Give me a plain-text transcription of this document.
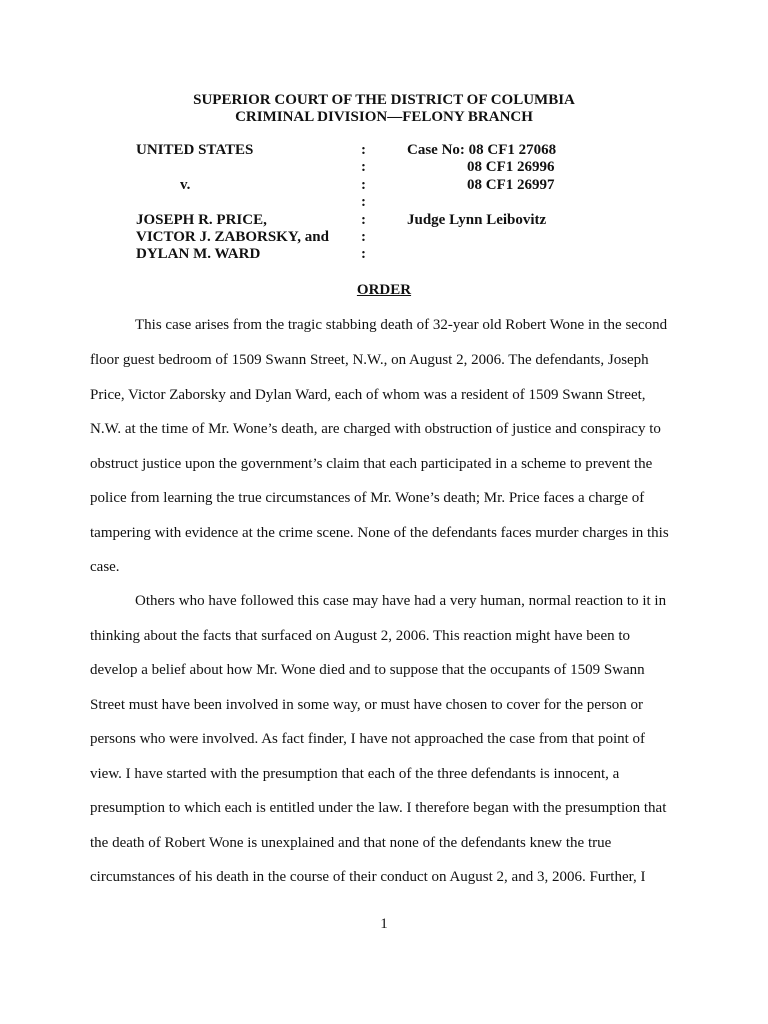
SUPERIOR COURT OF THE DISTRICT OF COLUMBIA
CRIMINAL DIVISION—FELONY BRANCH
UNITED STATES
v.
JOSEPH R. PRICE,
VICTOR J. ZABORSKY, and
DYLAN M. WARD
:
:
:
:
:
:
:
Case No: 08 CF1 27068
08 CF1 26996
08 CF1 26997
Judge Lynn Leibovitz
ORDER
This case arises from the tragic stabbing death of 32-year old Robert Wone in the second
floor guest bedroom of 1509 Swann Street, N.W., on August 2, 2006. The defendants, Joseph
Price, Victor Zaborsky and Dylan Ward, each of whom was a resident of 1509 Swann Street,
N.W. at the time of Mr. Wone’s death, are charged with obstruction of justice and conspiracy to
obstruct justice upon the government’s claim that each participated in a scheme to prevent the
police from learning the true circumstances of Mr. Wone’s death; Mr. Price faces a charge of
tampering with evidence at the crime scene. None of the defendants faces murder charges in this
case.
Others who have followed this case may have had a very human, normal reaction to it in
thinking about the facts that surfaced on August 2, 2006. This reaction might have been to
develop a belief about how Mr. Wone died and to suppose that the occupants of 1509 Swann
Street must have been involved in some way, or must have chosen to cover for the person or
persons who were involved. As fact finder, I have not approached the case from that point of
view. I have started with the presumption that each of the three defendants is innocent, a
presumption to which each is entitled under the law. I therefore began with the presumption that
the death of Robert Wone is unexplained and that none of the defendants knew the true
circumstances of his death in the course of their conduct on August 2, and 3, 2006. Further, I
1
